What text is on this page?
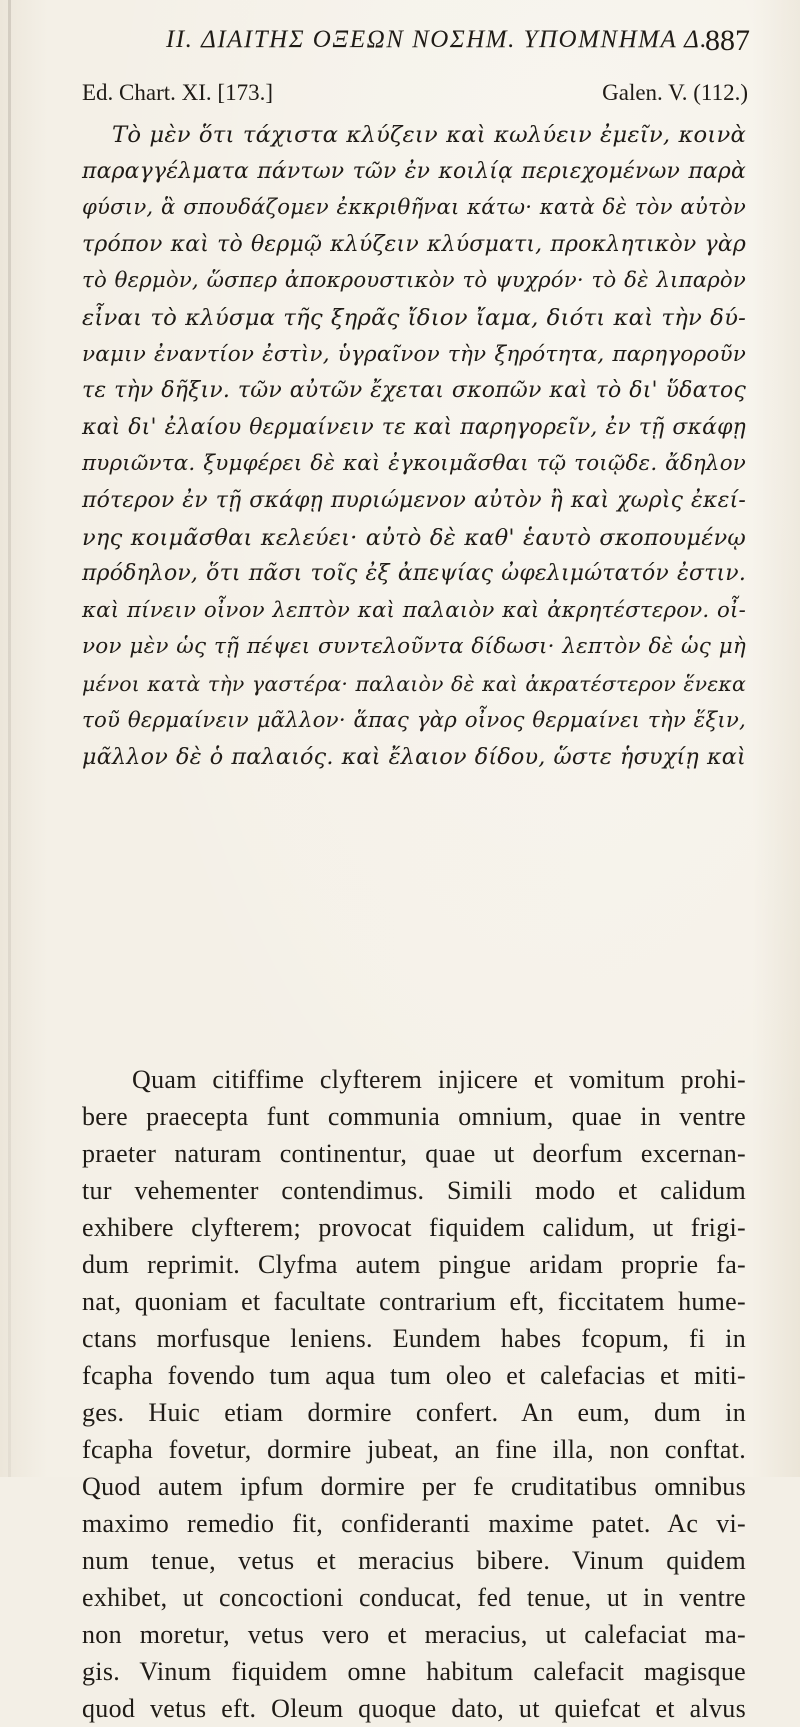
II. ΔΙΑΙΤΗΣ ΟΞΕΩΝ ΝΟΣΗΜ. ΥΠΟΜΝΗΜΑ Δ.
887
Ed. Chart. XI. [173.]	Galen. V. (112.)
Τὸ μὲν ὅτι τάχιστα κλύζειν καὶ κωλύειν ἐμεῖν, κοινὰ
παραγγέλματα πάντων τῶν ἐν κοιλίᾳ περιεχομένων παρὰ
φύσιν, ἃ σπουδάζομεν ἐκκριθῆναι κάτω· κατὰ δὲ τὸν αὐτὸν
τρόπον καὶ τὸ θερμῷ κλύζειν κλύσματι, προκλητικὸν γὰρ
τὸ θερμὸν, ὥσπερ ἀποκρουστικὸν τὸ ψυχρόν· τὸ δὲ λιπαρὸν
εἶναι τὸ κλύσμα τῆς ξηρᾶς ἴδιον ἴαμα, διότι καὶ τὴν δύ-
ναμιν ἐναντίον ἐστὶν, ὑγραῖνον τὴν ξηρότητα, παρηγοροῦν
τε τὴν δῆξιν. τῶν αὐτῶν ἔχεται σκοπῶν καὶ τὸ δι' ὕδατος
καὶ δι' ἐλαίου θερμαίνειν τε καὶ παρηγορεῖν, ἐν τῇ σκάφῃ
πυριῶντα. ξυμφέρει δὲ καὶ ἐγκοιμᾶσθαι τῷ τοιῷδε. ἄδηλον
πότερον ἐν τῇ σκάφῃ πυριώμενον αὐτὸν ἢ καὶ χωρὶς ἐκεί-
νης κοιμᾶσθαι κελεύει· αὐτὸ δὲ καθ' ἑαυτὸ σκοπουμένῳ
πρόδηλον, ὅτι πᾶσι τοῖς ἐξ ἀπεψίας ὠφελιμώτατόν ἐστιν.
καὶ πίνειν οἶνον λεπτὸν καὶ παλαιὸν καὶ ἀκρητέστερον. οἶ-
νον μὲν ὡς τῇ πέψει συντελοῦντα δίδωσι· λεπτὸν δὲ ὡς μὴ
μένοι κατὰ τὴν γαστέρα· παλαιὸν δὲ καὶ ἀκρατέστερον ἕνεκα
τοῦ θερμαίνειν μᾶλλον· ἅπας γὰρ οἶνος θερμαίνει τὴν ἕξιν,
μᾶλλον δὲ ὁ παλαιός. καὶ ἔλαιον δίδου, ὥστε ἡσυχίῃ καὶ
Quam citiffime clyfterem injicere et vomitum prohi-
bere praecepta funt communia omnium, quae in ventre
praeter naturam continentur, quae ut deorfum excernan-
tur vehementer contendimus. Simili modo et calidum
exhibere clyfterem; provocat fiquidem calidum, ut frigi-
dum reprimit. Clyfma autem pingue aridam proprie fa-
nat, quoniam et facultate contrarium eft, ficcitatem hume-
ctans morfusque leniens. Eundem habes fcopum, fi in
fcapha fovendo tum aqua tum oleo et calefacias et miti-
ges. Huic etiam dormire confert. An eum, dum in
fcapha fovetur, dormire jubeat, an fine illa, non conftat.
Quod autem ipfum dormire per fe cruditatibus omnibus
maximo remedio fit, confideranti maxime patet. Ac vi-
num tenue, vetus et meracius bibere. Vinum quidem
exhibet, ut concoctioni conducat, fed tenue, ut in ventre
non moretur, vetus vero et meracius, ut calefaciat ma-
gis. Vinum fiquidem omne habitum calefacit magisque
quod vetus eft. Oleum quoque dato, ut quiefcat et alvus
